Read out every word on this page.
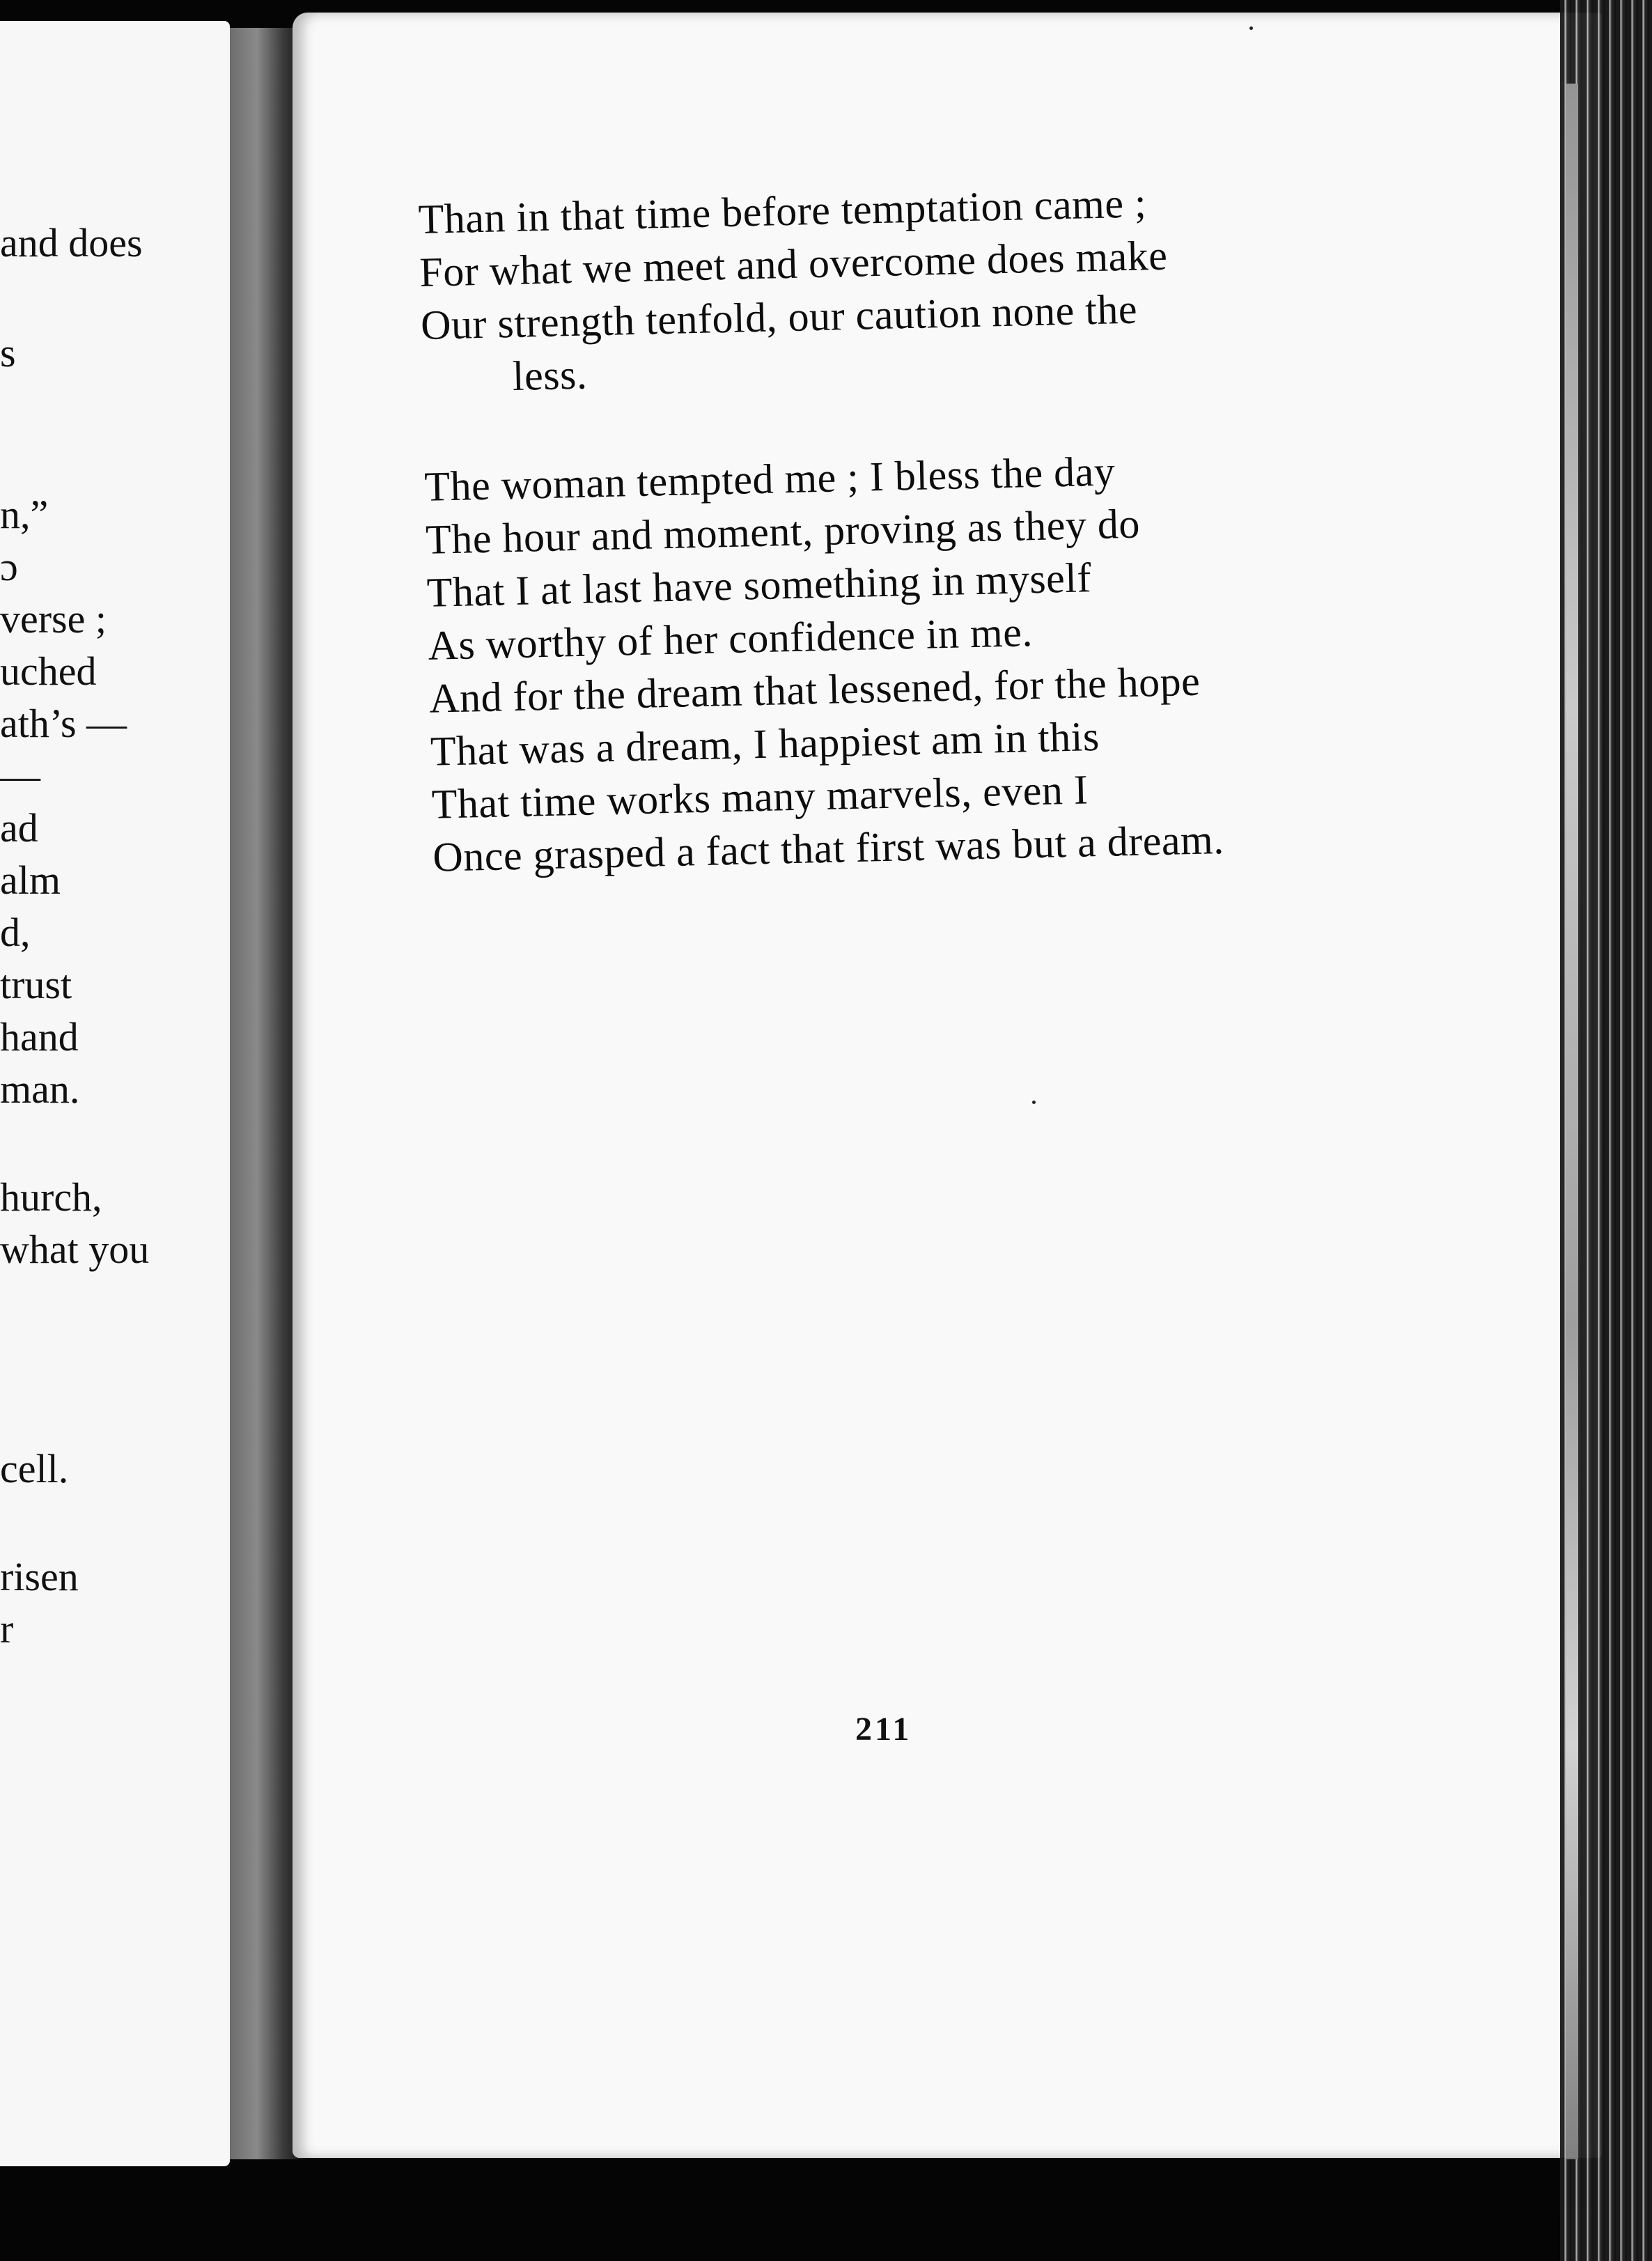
and does
s
n,”
ɔ
verse ;
uched
ath’s —
—
ad
alm
d,
trust
hand
man.
hurch,
what you
cell.
risen
r
Than in that time before temptation came ;
For what we meet and overcome does make
Our strength tenfold, our caution none the
less.
The woman tempted me ; I bless the day
The hour and moment, proving as they do
That I at last have something in myself
As worthy of her confidence in me.
And for the dream that lessened, for the hope
That was a dream, I happiest am in this
That time works many marvels, even I
Once grasped a fact that first was but a dream.
211
